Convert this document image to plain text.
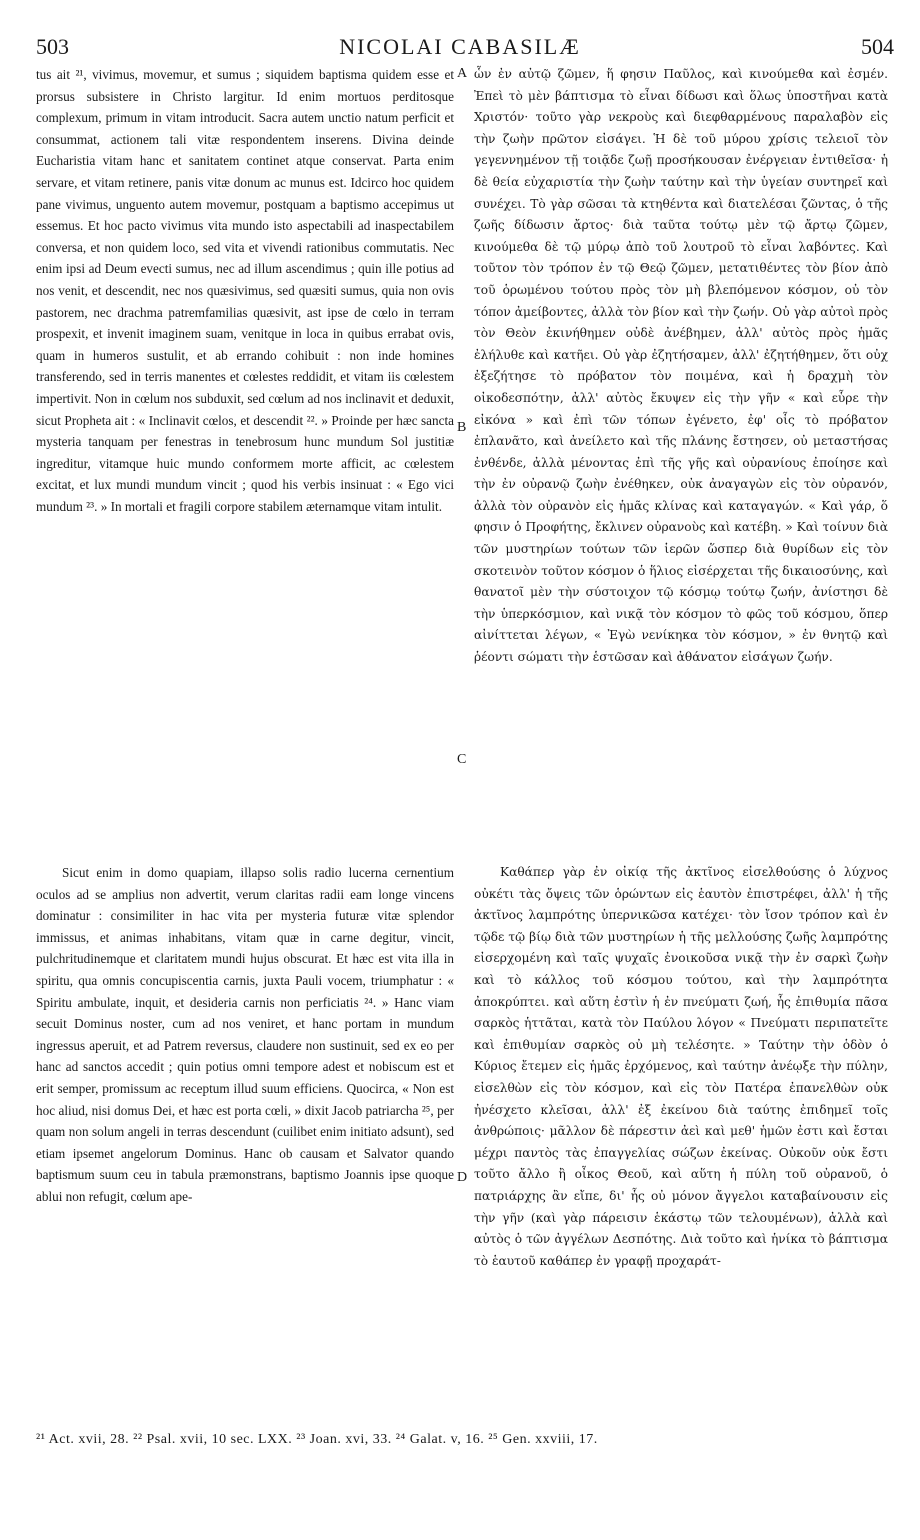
503	NICOLAI CABASILÆ	504
tus ait ²¹, vivimus, movemur, et sumus ; siquidem baptisma quidem esse et prorsus subsistere in Christo largitur. Id enim mortuos perditosque complexum, primum in vitam introducit. Sacra autem unctio natum perficit et consummat, actionem tali vitæ respondentem inserens. Divina deinde Eucharistia vitam hanc et sanitatem continet atque conservat. Parta enim servare, et vitam retinere, panis vitæ donum ac munus est. Idcirco hoc quidem pane vivimus, unguento autem movemur, postquam a baptismo accepimus ut essemus. Et hoc pacto vivimus vita mundo isto aspectabili ad inaspectabilem conversa, et non quidem loco, sed vita et vivendi rationibus commutatis. Nec enim ipsi ad Deum evecti sumus, nec ad illum ascendimus ; quin ille potius ad nos venit, et descendit, nec nos quæsivimus, sed quæsiti sumus, quia non ovis pastorem, nec drachma patremfamilias quæsivit, ast ipse de cœlo in terram prospexit, et invenit imaginem suam, venitque in loca in quibus errabat ovis, quam in humeros sustulit, et ab errando cohibuit : non inde homines transferendo, sed in terris manentes et cœlestes reddidit, et vitam iis cœlestem impertivit. Non in cœlum nos subduxit, sed cœlum ad nos inclinavit et deduxit, sicut Propheta ait : « Inclinavit cœlos, et descendit ²². » Proinde per hæc sancta mysteria tanquam per fenestras in tenebrosum hunc mundum Sol justitiæ ingreditur, vitamque huic mundo conformem morte afficit, ac cœlestem excitat, et lux mundi mundum vincit ; quod his verbis insinuat : « Ego vici mundum ²³. » In mortali et fragili corpore stabilem æternamque vitam intulit.
Sicut enim in domo quapiam, illapso solis radio lucerna cernentium oculos ad se amplius non advertit, verum claritas radii eam longe vincens dominatur : consimiliter in hac vita per mysteria futuræ vitæ splendor immissus, et animas inhabitans, vitam quæ in carne degitur, vincit, pulchritudinemque et claritatem mundi hujus obscurat. Et hæc est vita illa in spiritu, qua omnis concupiscentia carnis, juxta Pauli vocem, triumphatur : « Spiritu ambulate, inquit, et desideria carnis non perficiatis ²⁴. » Hanc viam secuit Dominus noster, cum ad nos veniret, et hanc portam in mundum ingressus aperuit, et ad Patrem reversus, claudere non sustinuit, sed ex eo per hanc ad sanctos accedit ; quin potius omni tempore adest et nobiscum est et erit semper, promissum ac receptum illud suum efficiens. Quocirca, « Non est hoc aliud, nisi domus Dei, et hæc est porta cœli, » dixit Jacob patriarcha ²⁵, per quam non solum angeli in terras descendunt (cuilibet enim initiato adsunt), sed etiam ipsemet angelorum Dominus. Hanc ob causam et Salvator quando baptismum suum ceu in tabula præmonstrans, baptismo Joannis ipse quoque ablui non refugit, cœlum ape-
ὧν ἐν αὐτῷ ζῶμεν, ἥ φησιν Παῦλος, καὶ κινούμεθα καὶ ἐσμέν. Ἐπεὶ τὸ μὲν βάπτισμα τὸ εἶναι δίδωσι καὶ ὅλως ὑποστῆναι κατὰ Χριστόν· τοῦτο γὰρ νεκροὺς καὶ διεφθαρμένους παραλαβὸν εἰς τὴν ζωὴν πρῶτον εἰσάγει. Ἡ δὲ τοῦ μύρου χρίσις τελειοῖ τὸν γεγεννημένον τῇ τοιᾷδε ζωῇ προσήκουσαν ἐνέργειαν ἐντιθεῖσα· ἡ δὲ θεία εὐχαριστία τὴν ζωὴν ταύτην καὶ τὴν ὑγείαν συντηρεῖ καὶ συνέχει. Τὸ γὰρ σῶσαι τὰ κτηθέντα καὶ διατελέσαι ζῶντας, ὁ τῆς ζωῆς δίδωσιν ἄρτος· διὰ ταῦτα τούτῳ μὲν τῷ ἄρτῳ ζῶμεν, κινούμεθα δὲ τῷ μύρῳ ἀπὸ τοῦ λουτροῦ τὸ εἶναι λαβόντες. Καὶ τοῦτον τὸν τρόπον ἐν τῷ Θεῷ ζῶμεν, μετατιθέντες τὸν βίον ἀπὸ τοῦ ὁρωμένου τούτου πρὸς τὸν μὴ βλεπόμενον κόσμον, οὐ τὸν τόπον ἀμείβοντες, ἀλλὰ τὸν βίον καὶ τὴν ζωήν. Οὐ γὰρ αὐτοὶ πρὸς τὸν Θεὸν ἐκινήθημεν οὐδὲ ἀνέβημεν, ἀλλ' αὐτὸς πρὸς ἡμᾶς ἐλήλυθε καὶ κατῆει. Οὐ γὰρ ἐζητήσαμεν, ἀλλ' ἐζητήθημεν, ὅτι οὐχ ἐξεζήτησε τὸ πρόβατον τὸν ποιμένα, καὶ ἡ δραχμὴ τὸν οἰκοδεσπότην, ἀλλ' αὐτὸς ἔκυψεν εἰς τὴν γῆν « καὶ εὗρε τὴν εἰκόνα » καὶ ἐπὶ τῶν τόπων ἐγένετο, ἐφ' οἷς τὸ πρόβατον ἐπλανᾶτο, καὶ ἀνείλετο καὶ τῆς πλάνης ἔστησεν, οὐ μεταστήσας ἐνθένδε, ἀλλὰ μένοντας ἐπὶ τῆς γῆς καὶ οὐρανίους ἐποίησε καὶ τὴν ἐν οὐρανῷ ζωὴν ἐνέθηκεν, οὐκ ἀναγαγὼν εἰς τὸν οὐρανόν, ἀλλὰ τὸν οὐρανὸν εἰς ἡμᾶς κλίνας καὶ καταγαγών. « Καὶ γάρ, ὅ φησιν ὁ Προφήτης, ἔκλινεν οὐρανοὺς καὶ κατέβη. » Καὶ τοίνυν διὰ τῶν μυστηρίων τούτων τῶν ἱερῶν ὥσπερ διὰ θυρίδων εἰς τὸν σκοτεινὸν τοῦτον κόσμον ὁ ἥλιος εἰσέρχεται τῆς δικαιοσύνης, καὶ θανατοῖ μὲν τὴν σύστοιχον τῷ κόσμῳ τούτῳ ζωήν, ἀνίστησι δὲ τὴν ὑπερκόσμιον, καὶ νικᾷ τὸν κόσμον τὸ φῶς τοῦ κόσμου, ὅπερ αἰνίττεται λέγων, « Ἐγὼ νενίκηκα τὸν κόσμον, » ἐν θνητῷ καὶ ῥέοντι σώματι τὴν ἑστῶσαν καὶ ἀθάνατον εἰσάγων ζωήν.
Καθάπερ γὰρ ἐν οἰκίᾳ τῆς ἀκτῖνος εἰσελθούσης ὁ λύχνος οὐκέτι τὰς ὄψεις τῶν ὁρώντων εἰς ἑαυτὸν ἐπιστρέφει, ἀλλ' ἡ τῆς ἀκτῖνος λαμπρότης ὑπερνικῶσα κατέχει· τὸν ἴσον τρόπον καὶ ἐν τῷδε τῷ βίῳ διὰ τῶν μυστηρίων ἡ τῆς μελλούσης ζωῆς λαμπρότης εἰσερχομένη καὶ ταῖς ψυχαῖς ἐνοικοῦσα νικᾷ τὴν ἐν σαρκὶ ζωὴν καὶ τὸ κάλλος τοῦ κόσμου τούτου, καὶ τὴν λαμπρότητα ἀποκρύπτει. καὶ αὕτη ἐστὶν ἡ ἐν πνεύματι ζωή, ἧς ἐπιθυμία πᾶσα σαρκὸς ἡττᾶται, κατὰ τὸν Παύλου λόγον « Πνεύματι περιπατεῖτε καὶ ἐπιθυμίαν σαρκὸς οὐ μὴ τελέσητε. » Ταύτην τὴν ὁδὸν ὁ Κύριος ἔτεμεν εἰς ἡμᾶς ἐρχόμενος, καὶ ταύτην ἀνέῳξε τὴν πύλην, εἰσελθὼν εἰς τὸν κόσμον, καὶ εἰς τὸν Πατέρα ἐπανελθὼν οὐκ ἠνέσχετο κλεῖσαι, ἀλλ' ἐξ ἐκείνου διὰ ταύτης ἐπιδημεῖ τοῖς ἀνθρώποις· μᾶλλον δὲ πάρεστιν ἀεὶ καὶ μεθ' ἡμῶν ἐστι καὶ ἔσται μέχρι παντὸς τὰς ἐπαγγελίας σώζων ἐκείνας. Οὐκοῦν οὐκ ἔστι τοῦτο ἄλλο ἢ οἶκος Θεοῦ, καὶ αὕτη ἡ πύλη τοῦ οὐρανοῦ, ὁ πατριάρχης ἂν εἴπε, δι' ἧς οὐ μόνον ἄγγελοι καταβαίνουσιν εἰς τὴν γῆν (καὶ γὰρ πάρεισιν ἑκάστῳ τῶν τελουμένων), ἀλλὰ καὶ αὐτὸς ὁ τῶν ἀγγέλων Δεσπότης. Διὰ τοῦτο καὶ ἡνίκα τὸ βάπτισμα τὸ ἑαυτοῦ καθάπερ ἐν γραφῇ προχαράτ-
A
B
C
D
²¹ Act. xvii, 28. ²² Psal. xvii, 10 sec. LXX. ²³ Joan. xvi, 33. ²⁴ Galat. v, 16. ²⁵ Gen. xxviii, 17.
